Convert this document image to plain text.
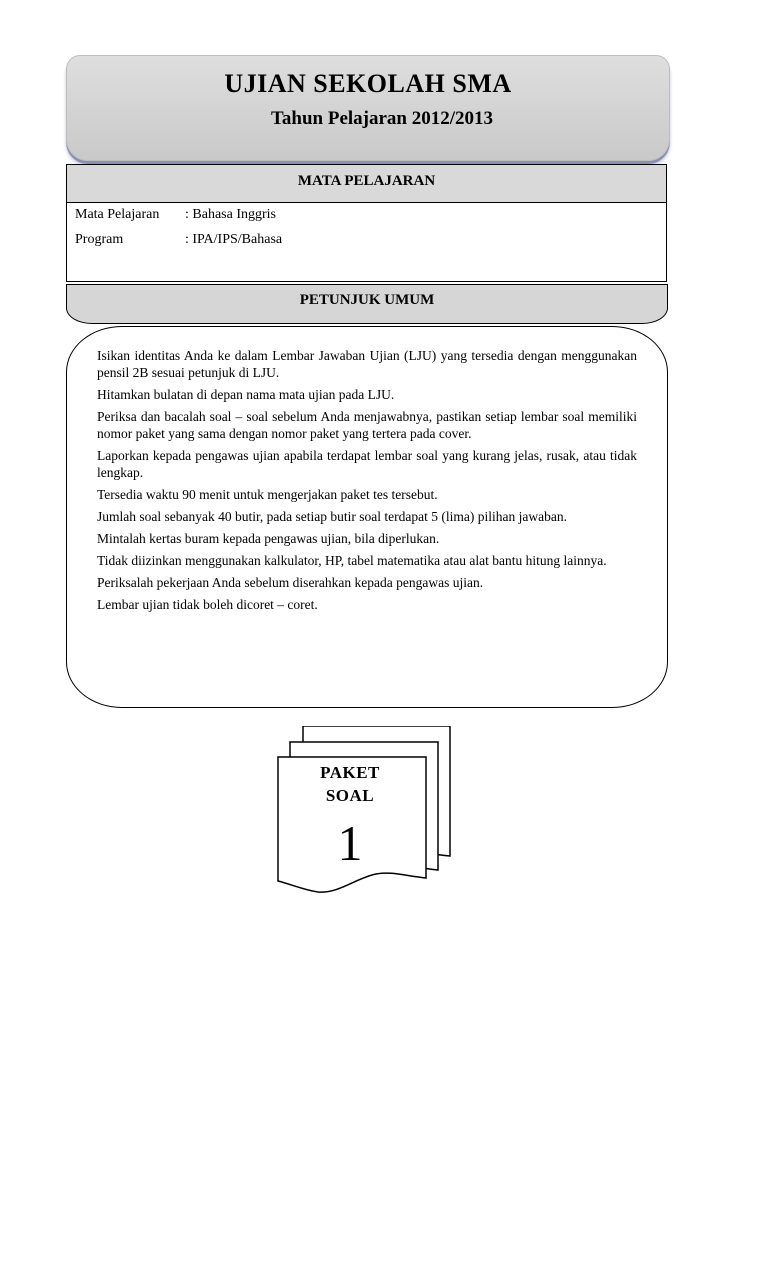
UJIAN SEKOLAH SMA
Tahun Pelajaran 2012/2013
MATA PELAJARAN
Mata Pelajaran	: Bahasa Inggris
Program	: IPA/IPS/Bahasa
PETUNJUK UMUM
Isikan identitas Anda ke dalam Lembar Jawaban Ujian (LJU) yang tersedia dengan menggunakan pensil 2B sesuai petunjuk di LJU.
Hitamkan bulatan di depan nama mata ujian pada LJU.
Periksa dan bacalah soal – soal sebelum Anda menjawabnya, pastikan setiap lembar soal memiliki nomor paket yang sama dengan nomor paket yang tertera pada cover.
Laporkan kepada pengawas ujian apabila terdapat lembar soal yang kurang jelas, rusak, atau tidak lengkap.
Tersedia waktu 90 menit untuk mengerjakan paket tes tersebut.
Jumlah soal sebanyak 40 butir, pada setiap butir soal terdapat 5 (lima) pilihan jawaban.
Mintalah kertas buram kepada pengawas ujian, bila diperlukan.
Tidak diizinkan menggunakan kalkulator, HP, tabel matematika atau alat bantu hitung lainnya.
Periksalah pekerjaan Anda sebelum diserahkan kepada pengawas ujian.
Lembar ujian tidak boleh dicoret – coret.
PAKET
SOAL
1
